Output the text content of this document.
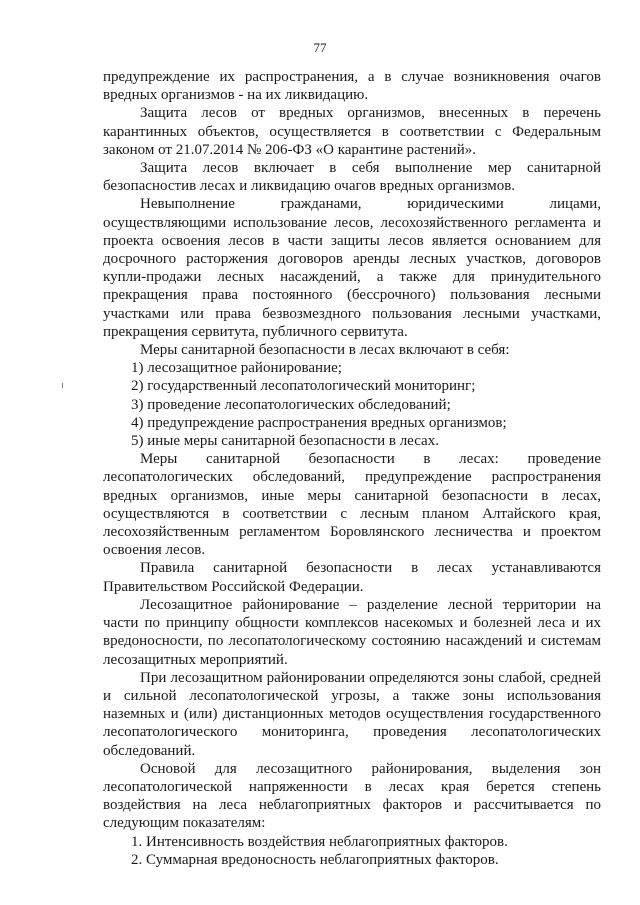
77

предупреждение их распространения, а в случае возникновения очагов вредных организмов - на их ликвидацию.

Защита лесов от вредных организмов, внесенных в перечень карантинных объектов, осуществляется в соответствии с Федеральным законом от 21.07.2014 № 206-ФЗ «О карантине растений».

Защита лесов включает в себя выполнение мер санитарной безопасностив лесах и ликвидацию очагов вредных организмов.

Невыполнение гражданами, юридическими лицами, осуществляющими использование лесов, лесохозяйственного регламента и проекта освоения лесов в части защиты лесов является основанием для досрочного расторжения договоров аренды лесных участков, договоров купли-продажи лесных насаждений, а также для принудительного прекращения права постоянного (бессрочного) пользования лесными участками или права безвозмездного пользования лесными участками, прекращения сервитута, публичного сервитута.

Меры санитарной безопасности в лесах включают в себя:

1) лесозащитное районирование;

2) государственный лесопатологический мониторинг;

3) проведение лесопатологических обследований;

4) предупреждение распространения вредных организмов;

5) иные меры санитарной безопасности в лесах.

Меры санитарной безопасности в лесах: проведение лесопатологических обследований, предупреждение распространения вредных организмов, иные меры санитарной безопасности в лесах, осуществляются в соответствии с лесным планом Алтайского края, лесохозяйственным регламентом Боровлянского лесничества и проектом освоения лесов.

Правила санитарной безопасности в лесах устанавливаются Правительством Российской Федерации.

Лесозащитное районирование – разделение лесной территории на части по принципу общности комплексов насекомых и болезней леса и их вредоносности, по лесопатологическому состоянию насаждений и системам лесозащитных мероприятий.

При лесозащитном районировании определяются зоны слабой, средней и сильной лесопатологической угрозы, а также зоны использования наземных и (или) дистанционных методов осуществления государственного лесопатологического мониторинга, проведения лесопатологических обследований.

Основой для лесозащитного районирования, выделения зон лесопатологической напряженности в лесах края берется степень воздействия на леса неблагоприятных факторов и рассчитывается по следующим показателям:

1. Интенсивность воздействия неблагоприятных факторов.

2. Суммарная вредоносность неблагоприятных факторов.
